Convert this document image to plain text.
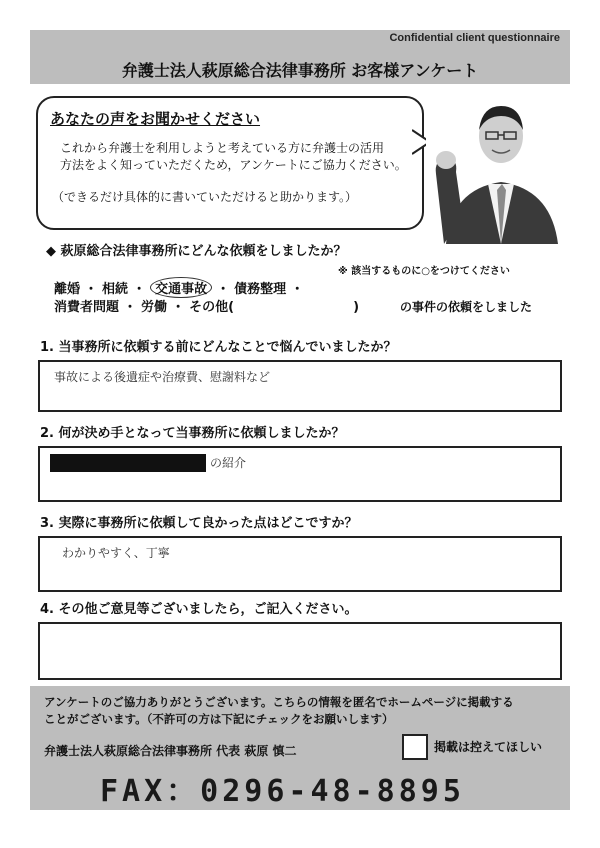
Confidential client questionnaire
弁護士法人萩原総合法律事務所 お客様アンケート
あなたの声をお聞かせください
これから弁護士を利用しようと考えている方に弁護士の活用
方法をよく知っていただくため，アンケートにご協力ください。
（できるだけ具体的に書いていただけると助かります。）
◆ 萩原総合法律事務所にどんな依頼をしましたか？
※ 該当するものに○をつけてください
離婚 ・ 相続 ・ 交通事故 ・ 債務整理 ・
消費者問題 ・ 労働 ・ その他(	)	の事件の依頼をしました
1. 当事務所に依頼する前にどんなことで悩んでいましたか？
事故による後遺症や治療費、慰謝料など
2. 何が決め手となって当事務所に依頼しましたか？
の紹介
3. 実際に事務所に依頼して良かった点はどこですか？
わかりやすく、丁寧
4. その他ご意見等ございましたら，ご記入ください。
アンケートのご協力ありがとうございます。こちらの情報を匿名でホームページに掲載する
ことがございます。（不許可の方は下記にチェックをお願いします）
弁護士法人萩原総合法律事務所 代表 萩原 慎二	掲載は控えてほしい
FAX：0296-48-8895
